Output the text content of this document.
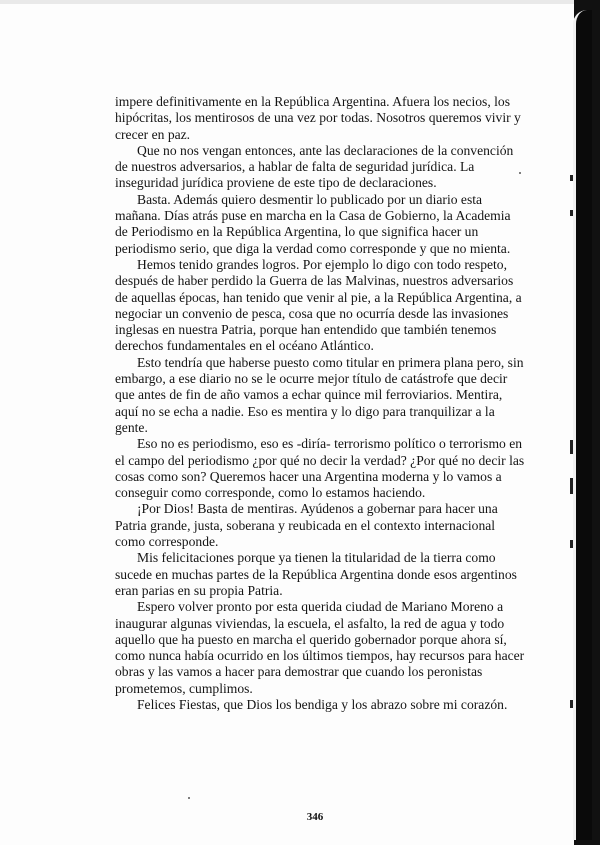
impere definitivamente en la República Argentina. Afuera los necios, los hipócritas, los mentirosos de una vez por todas. Nosotros queremos vivir y crecer en paz.

Que no nos vengan entonces, ante las declaraciones de la convención de nuestros adversarios, a hablar de falta de seguridad jurídica. La inseguridad jurídica proviene de este tipo de declaraciones.

Basta. Además quiero desmentir lo publicado por un diario esta mañana. Días atrás puse en marcha en la Casa de Gobierno, la Academia de Periodismo en la República Argentina, lo que significa hacer un periodismo serio, que diga la verdad como corresponde y que no mienta.

Hemos tenido grandes logros. Por ejemplo lo digo con todo respeto, después de haber perdido la Guerra de las Malvinas, nuestros adversarios de aquellas épocas, han tenido que venir al pie, a la República Argentina, a negociar un convenio de pesca, cosa que no ocurría desde las invasiones inglesas en nuestra Patria, porque han entendido que también tenemos derechos fundamentales en el océano Atlántico.

Esto tendría que haberse puesto como titular en primera plana pero, sin embargo, a ese diario no se le ocurre mejor título de catástrofe que decir que antes de fin de año vamos a echar quince mil ferroviarios. Mentira, aquí no se echa a nadie. Eso es mentira y lo digo para tranquilizar a la gente.

Eso no es periodismo, eso es -diría- terrorismo político o terrorismo en el campo del periodismo ¿por qué no decir la verdad? ¿Por qué no decir las cosas como son? Queremos hacer una Argentina moderna y lo vamos a conseguir como corresponde, como lo estamos haciendo.

¡Por Dios! Basta de mentiras. Ayúdenos a gobernar para hacer una Patria grande, justa, soberana y reubicada en el contexto internacional como corresponde.

Mis felicitaciones porque ya tienen la titularidad de la tierra como sucede en muchas partes de la República Argentina donde esos argentinos eran parias en su propia Patria.

Espero volver pronto por esta querida ciudad de Mariano Moreno a inaugurar algunas viviendas, la escuela, el asfalto, la red de agua y todo aquello que ha puesto en marcha el querido gobernador porque ahora sí, como nunca había ocurrido en los últimos tiempos, hay recursos para hacer obras y las vamos a hacer para demostrar que cuando los peronistas prometemos, cumplimos.

Felices Fiestas, que Dios los bendiga y los abrazo sobre mi corazón.

346
